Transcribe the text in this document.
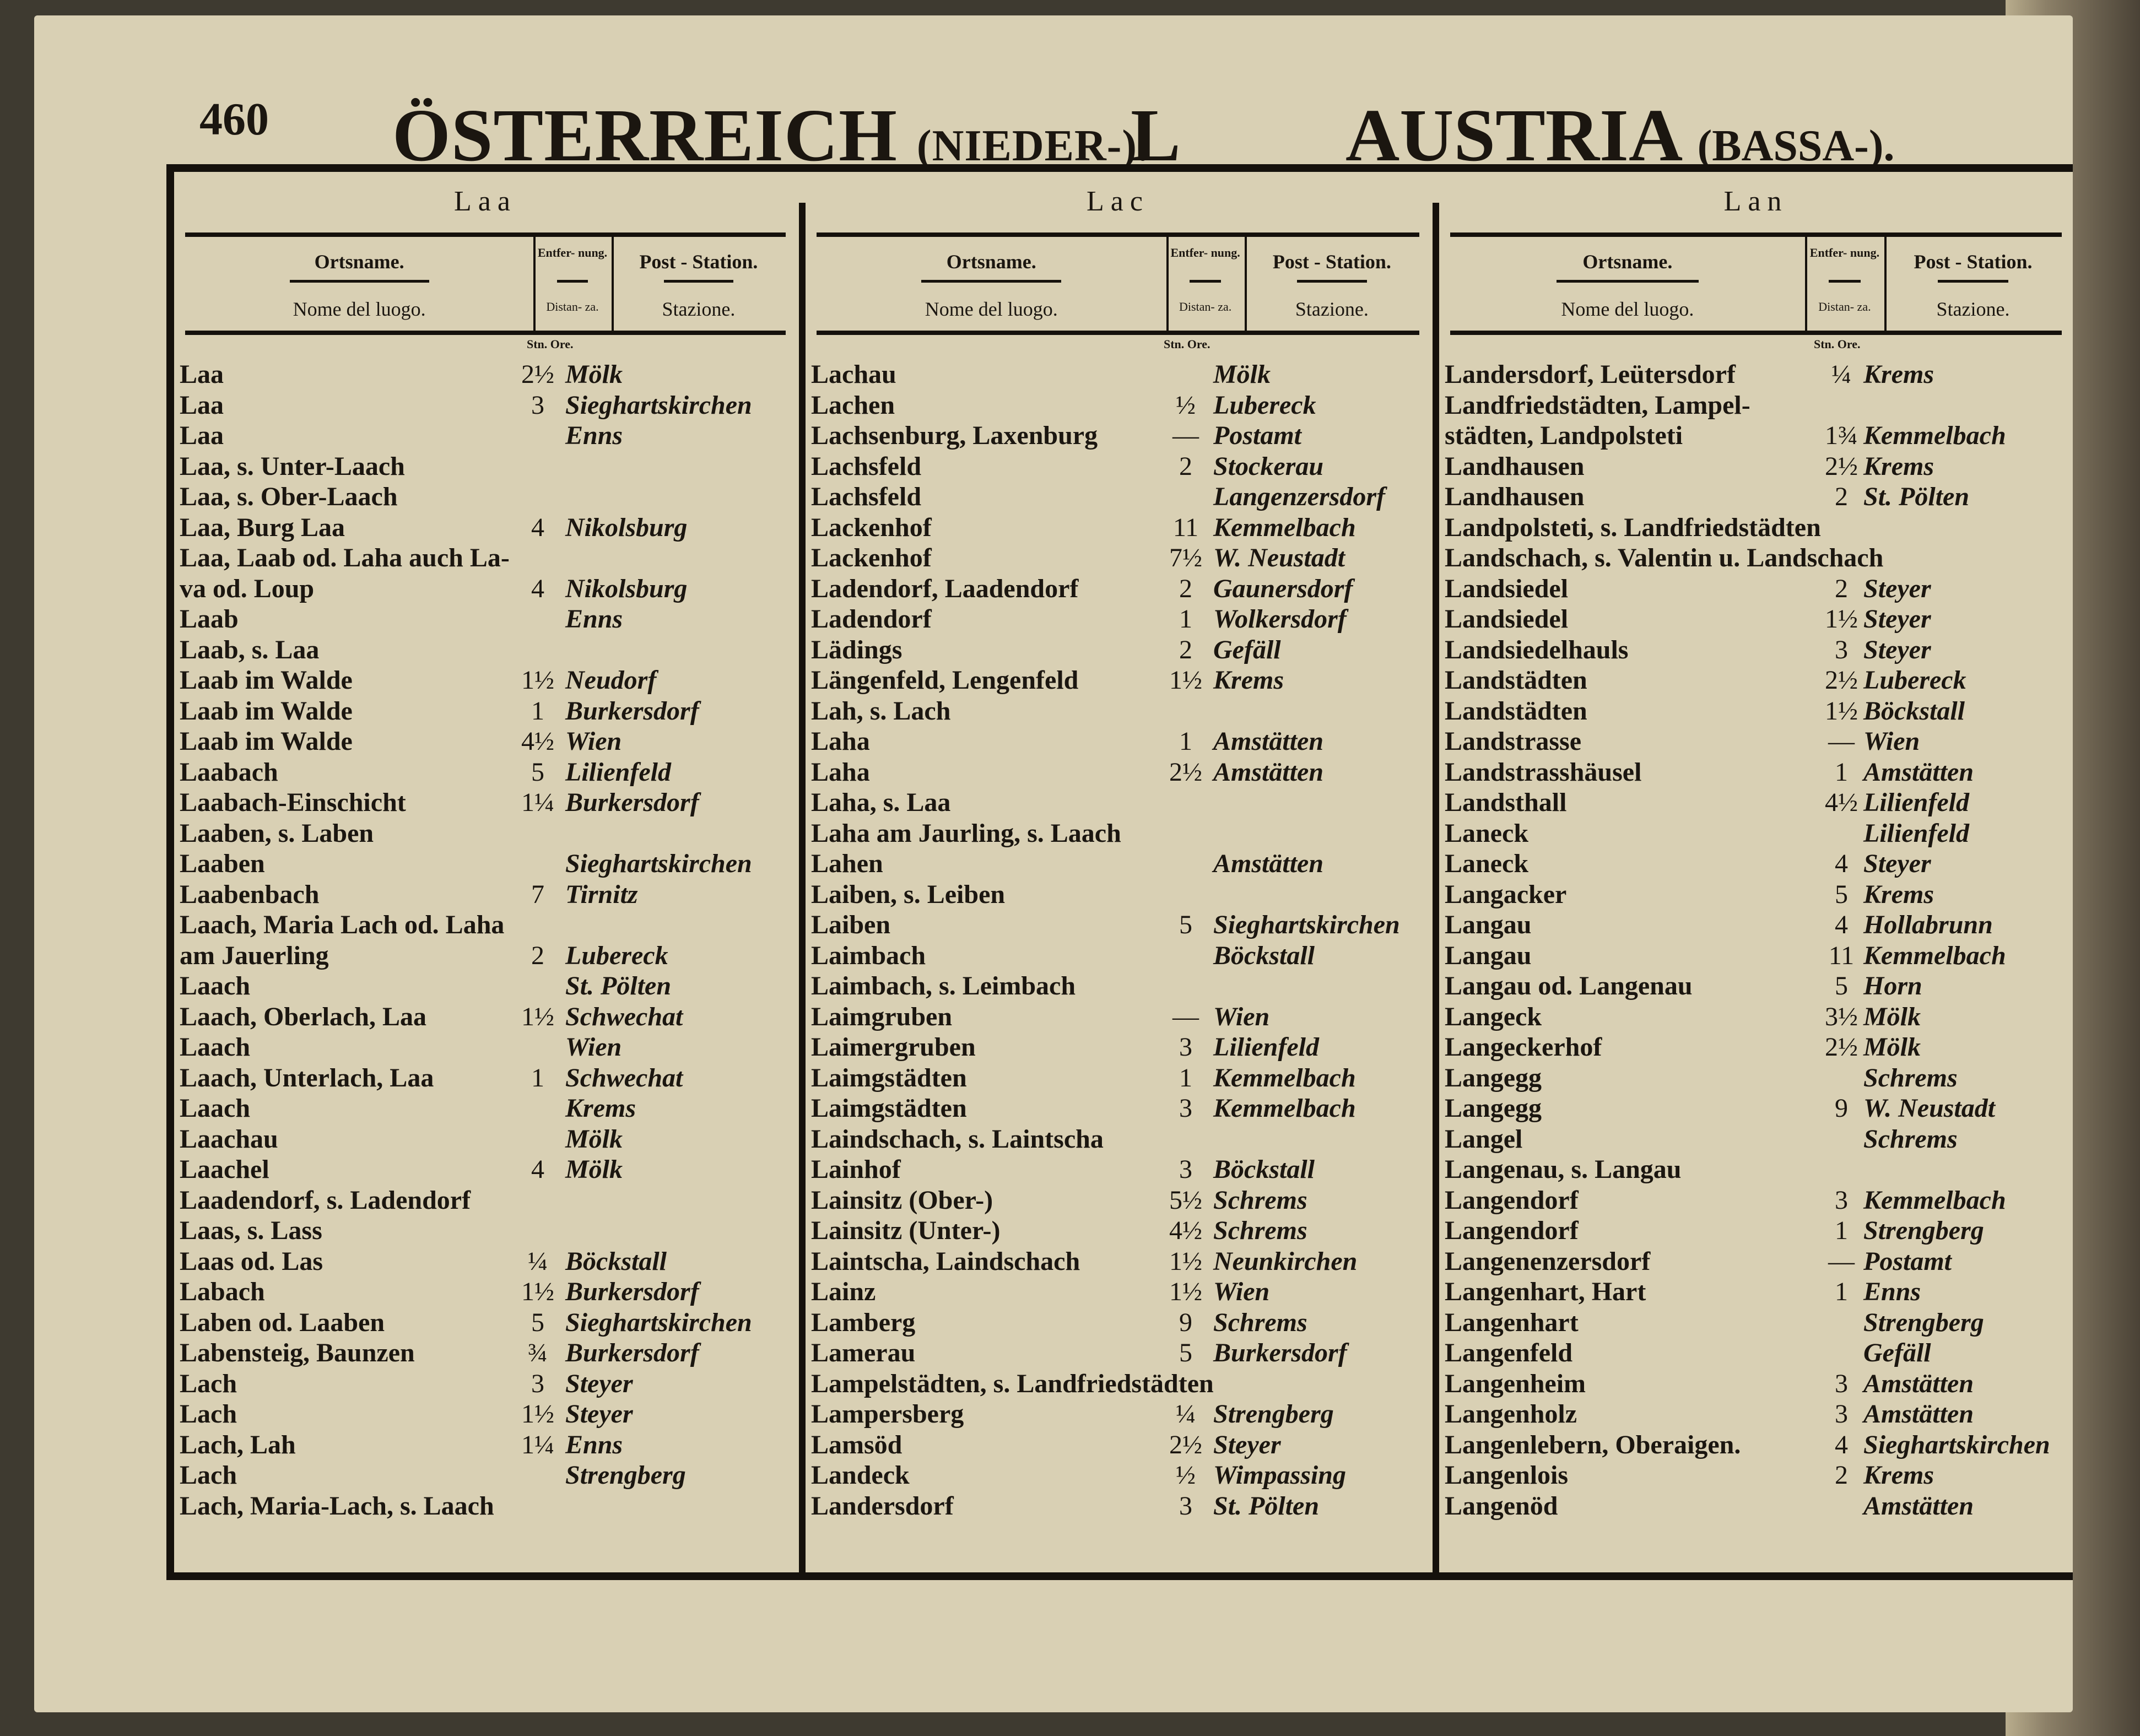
460 ÖSTERREICH (NIEDER-).
L AUSTRIA (BASSA-).
Laa
Ortsname.
Nome del luogo.
Entfer- nung.
Distan- za.
Post - Station.
Stazione.
Stn. Ore.
Laa	2½ Mölk
Laa	3 Sieghartskirchen
Laa	Enns
Laa, s. Unter-Laach
Laa, s. Ober-Laach
Laa, Burg Laa	4 Nikolsburg
Laa, Laab od. Laha auch La-
va od. Loup	4 Nikolsburg
Laab	Enns
Laab, s. Laa
Laab im Walde	1½ Neudorf
Laab im Walde	1 Burkersdorf
Laab im Walde	4½ Wien
Laabach	5 Lilienfeld
Laabach-Einschicht	1¼ Burkersdorf
Laaben, s. Laben
Laaben	Sieghartskirchen
Laabenbach	7 Tirnitz
Laach, Maria Lach od. Laha
am Jauerling	2 Lubereck
Laach	St. Pölten
Laach, Oberlach, Laa	1½ Schwechat
Laach	Wien
Laach, Unterlach, Laa	1 Schwechat
Laach	Krems
Laachau	Mölk
Laachel	4 Mölk
Laadendorf, s. Ladendorf
Laas, s. Lass
Laas od. Las	¼ Böckstall
Labach	1½ Burkersdorf
Laben od. Laaben	5 Sieghartskirchen
Labensteig, Baunzen	¾ Burkersdorf
Lach	3 Steyer
Lach	1½ Steyer
Lach, Lah	1¼ Enns
Lach	Strengberg
Lach, Maria-Lach, s. Laach
Lac
Ortsname.
Nome del luogo.
Entfer- nung.
Distan- za.
Post - Station.
Stazione.
Stn. Ore.
Lachau	Mölk
Lachen	½ Lubereck
Lachsenburg, Laxenburg	— Postamt
Lachsfeld	2 Stockerau
Lachsfeld	Langenzersdorf
Lackenhof	11 Kemmelbach
Lackenhof	7½ W. Neustadt
Ladendorf, Laadendorf	2 Gaunersdorf
Ladendorf	1 Wolkersdorf
Lädings	2 Gefäll
Längenfeld, Lengenfeld	1½ Krems
Lah, s. Lach
Laha	1 Amstätten
Laha	2½ Amstätten
Laha, s. Laa
Laha am Jaurling, s. Laach
Lahen	Amstätten
Laiben, s. Leiben
Laiben	5 Sieghartskirchen
Laimbach	Böckstall
Laimbach, s. Leimbach
Laimgruben	— Wien
Laimergruben	3 Lilienfeld
Laimgstädten	1 Kemmelbach
Laimgstädten	3 Kemmelbach
Laindschach, s. Laintscha
Lainhof	3 Böckstall
Lainsitz (Ober-)	5½ Schrems
Lainsitz (Unter-)	4½ Schrems
Laintscha, Laindschach	1½ Neunkirchen
Lainz	1½ Wien
Lamberg	9 Schrems
Lamerau	5 Burkersdorf
Lampelstädten, s. Landfriedstädten
Lampersberg	¼ Strengberg
Lamsöd	2½ Steyer
Landeck	½ Wimpassing
Landersdorf	3 St. Pölten
Lan
Ortsname.
Nome del luogo.
Entfer- nung.
Distan- za.
Post - Station.
Stazione.
Stn. Ore.
Landersdorf, Leütersdorf	¼ Krems
Landfriedstädten, Lampel-
städten, Landpolsteti	1¾ Kemmelbach
Landhausen	2½ Krems
Landhausen	2 St. Pölten
Landpolsteti, s. Landfriedstädten
Landschach, s. Valentin u. Landschach
Landsiedel	2 Steyer
Landsiedel	1½ Steyer
Landsiedelhauls	3 Steyer
Landstädten	2½ Lubereck
Landstädten	1½ Böckstall
Landstrasse	— Wien
Landstrasshäusel	1 Amstätten
Landsthall	4½ Lilienfeld
Laneck	Lilienfeld
Laneck	4 Steyer
Langacker	5 Krems
Langau	4 Hollabrunn
Langau	11 Kemmelbach
Langau od. Langenau	5 Horn
Langeck	3½ Mölk
Langeckerhof	2½ Mölk
Langegg	Schrems
Langegg	9 W. Neustadt
Langel	Schrems
Langenau, s. Langau
Langendorf	3 Kemmelbach
Langendorf	1 Strengberg
Langenenzersdorf	— Postamt
Langenhart, Hart	1 Enns
Langenhart	Strengberg
Langenfeld	Gefäll
Langenheim	3 Amstätten
Langenholz	3 Amstätten
Langenlebern, Oberaigen.	4 Sieghartskirchen
Langenlois	2 Krems
Langenöd	Amstätten
